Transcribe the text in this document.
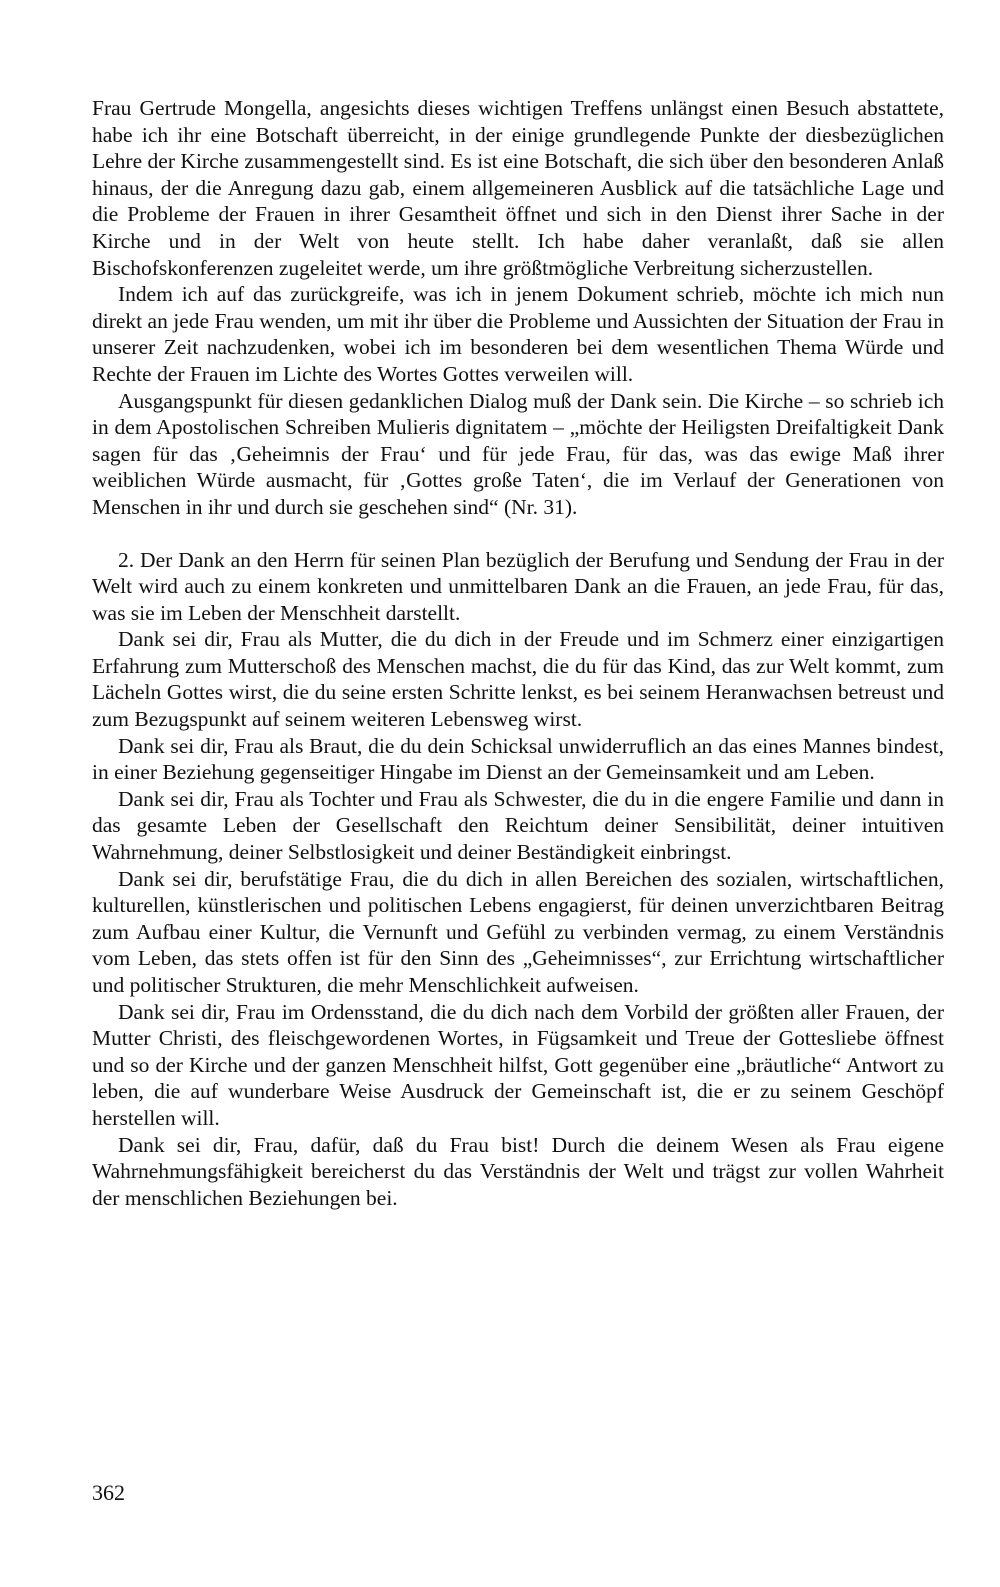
Frau Gertrude Mongella, angesichts dieses wichtigen Treffens unlängst einen Besuch abstattete, habe ich ihr eine Botschaft überreicht, in der einige grundlegende Punkte der diesbezüglichen Lehre der Kirche zusammengestellt sind. Es ist eine Botschaft, die sich über den besonderen Anlaß hinaus, der die Anregung dazu gab, einem allgemeineren Ausblick auf die tatsächliche Lage und die Probleme der Frauen in ihrer Gesamtheit öffnet und sich in den Dienst ihrer Sache in der Kirche und in der Welt von heute stellt. Ich habe daher veranlaßt, daß sie allen Bischofskonferenzen zugeleitet werde, um ihre größtmögliche Verbreitung sicherzustellen.

Indem ich auf das zurückgreife, was ich in jenem Dokument schrieb, möchte ich mich nun direkt an jede Frau wenden, um mit ihr über die Probleme und Aussichten der Situation der Frau in unserer Zeit nachzudenken, wobei ich im besonderen bei dem wesentlichen Thema Würde und Rechte der Frauen im Lichte des Wortes Gottes verweilen will.

Ausgangspunkt für diesen gedanklichen Dialog muß der Dank sein. Die Kirche – so schrieb ich in dem Apostolischen Schreiben Mulieris dignitatem – „möchte der Heiligsten Dreifaltigkeit Dank sagen für das ‚Geheimnis der Frau‘ und für jede Frau, für das, was das ewige Maß ihrer weiblichen Würde ausmacht, für ‚Gottes große Taten‘, die im Verlauf der Generationen von Menschen in ihr und durch sie geschehen sind“ (Nr. 31).

2. Der Dank an den Herrn für seinen Plan bezüglich der Berufung und Sendung der Frau in der Welt wird auch zu einem konkreten und unmittelbaren Dank an die Frauen, an jede Frau, für das, was sie im Leben der Menschheit darstellt.

Dank sei dir, Frau als Mutter, die du dich in der Freude und im Schmerz einer einzigartigen Erfahrung zum Mutterschoß des Menschen machst, die du für das Kind, das zur Welt kommt, zum Lächeln Gottes wirst, die du seine ersten Schritte lenkst, es bei seinem Heranwachsen betreust und zum Bezugspunkt auf seinem weiteren Lebensweg wirst.

Dank sei dir, Frau als Braut, die du dein Schicksal unwiderruflich an das eines Mannes bindest, in einer Beziehung gegenseitiger Hingabe im Dienst an der Gemeinsamkeit und am Leben.

Dank sei dir, Frau als Tochter und Frau als Schwester, die du in die engere Familie und dann in das gesamte Leben der Gesellschaft den Reichtum deiner Sensibilität, deiner intuitiven Wahrnehmung, deiner Selbstlosigkeit und deiner Beständigkeit einbringst.

Dank sei dir, berufstätige Frau, die du dich in allen Bereichen des sozialen, wirtschaftlichen, kulturellen, künstlerischen und politischen Lebens engagierst, für deinen unverzichtbaren Beitrag zum Aufbau einer Kultur, die Vernunft und Gefühl zu verbinden vermag, zu einem Verständnis vom Leben, das stets offen ist für den Sinn des „Geheimnisses“, zur Errichtung wirtschaftlicher und politischer Strukturen, die mehr Menschlichkeit aufweisen.

Dank sei dir, Frau im Ordensstand, die du dich nach dem Vorbild der größten aller Frauen, der Mutter Christi, des fleischgewordenen Wortes, in Fügsamkeit und Treue der Gottesliebe öffnest und so der Kirche und der ganzen Menschheit hilfst, Gott gegenüber eine „bräutliche“ Antwort zu leben, die auf wunderbare Weise Ausdruck der Gemeinschaft ist, die er zu seinem Geschöpf herstellen will.

Dank sei dir, Frau, dafür, daß du Frau bist! Durch die deinem Wesen als Frau eigene Wahrnehmungsfähigkeit bereicherst du das Verständnis der Welt und trägst zur vollen Wahrheit der menschlichen Beziehungen bei.

362
